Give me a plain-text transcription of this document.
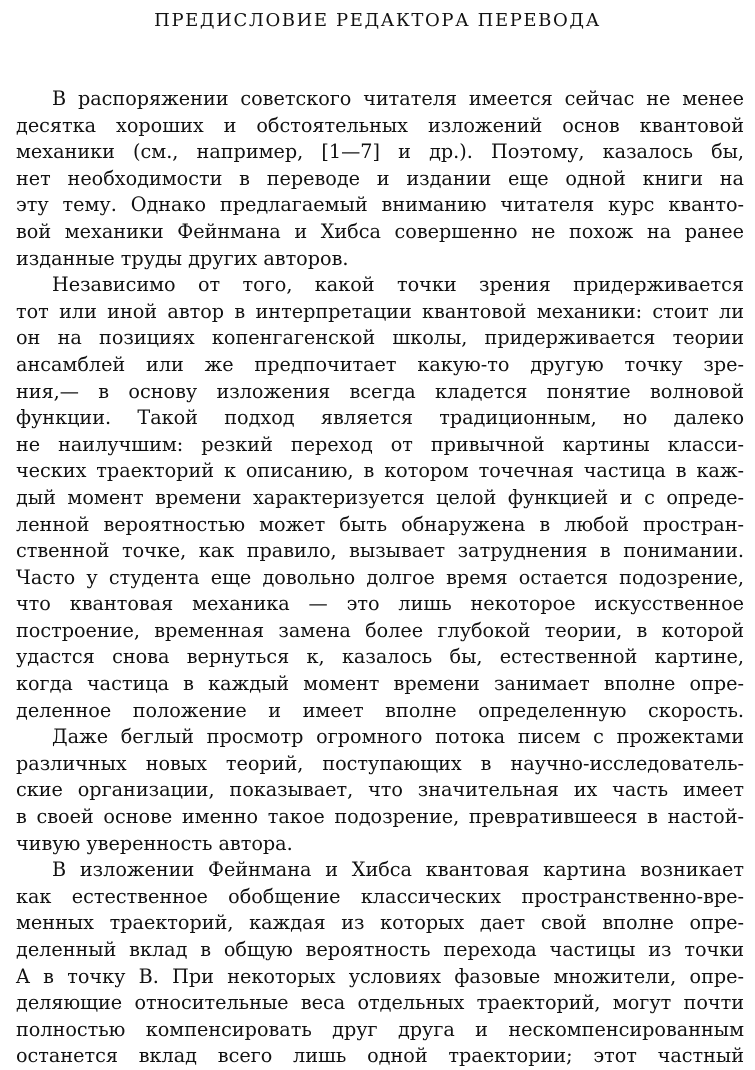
ПРЕДИСЛОВИЕ РЕДАКТОРА ПЕРЕВОДА
В распоряжении советского читателя имеется сейчас не менее
десятка хороших и обстоятельных изложений основ квантовой
механики (см., например, [1—7] и др.). Поэтому, казалось бы,
нет необходимости в переводе и издании еще одной книги на
эту тему. Однако предлагаемый вниманию читателя курс кванто-
вой механики Фейнмана и Хибса совершенно не похож на ранее
изданные труды других авторов.
Независимо от того, какой точки зрения придерживается
тот или иной автор в интерпретации квантовой механики: стоит ли
он на позициях копенгагенской школы, придерживается теории
ансамблей или же предпочитает какую-то другую точку зре-
ния,— в основу изложения всегда кладется понятие волновой
функции. Такой подход является традиционным, но далеко
не наилучшим: резкий переход от привычной картины класси-
ческих траекторий к описанию, в котором точечная частица в каж-
дый момент времени характеризуется целой функцией и с опреде-
ленной вероятностью может быть обнаружена в любой простран-
ственной точке, как правило, вызывает затруднения в понимании.
Часто у студента еще довольно долгое время остается подозрение,
что квантовая механика — это лишь некоторое искусственное
построение, временная замена более глубокой теории, в которой
удастся снова вернуться к, казалось бы, естественной картине,
когда частица в каждый момент времени занимает вполне опре-
деленное положение и имеет вполне определенную скорость.
Даже беглый просмотр огромного потока писем с прожектами
различных новых теорий, поступающих в научно-исследователь-
ские организации, показывает, что значительная их часть имеет
в своей основе именно такое подозрение, превратившееся в настой-
чивую уверенность автора.
В изложении Фейнмана и Хибса квантовая картина возникает
как естественное обобщение классических пространственно-вре-
менных траекторий, каждая из которых дает свой вполне опре-
деленный вклад в общую вероятность перехода частицы из точки
A в точку B. При некоторых условиях фазовые множители, опре-
деляющие относительные веса отдельных траекторий, могут почти
полностью компенсировать друг друга и нескомпенсированным
останется вклад всего лишь одной траектории; этот частный
